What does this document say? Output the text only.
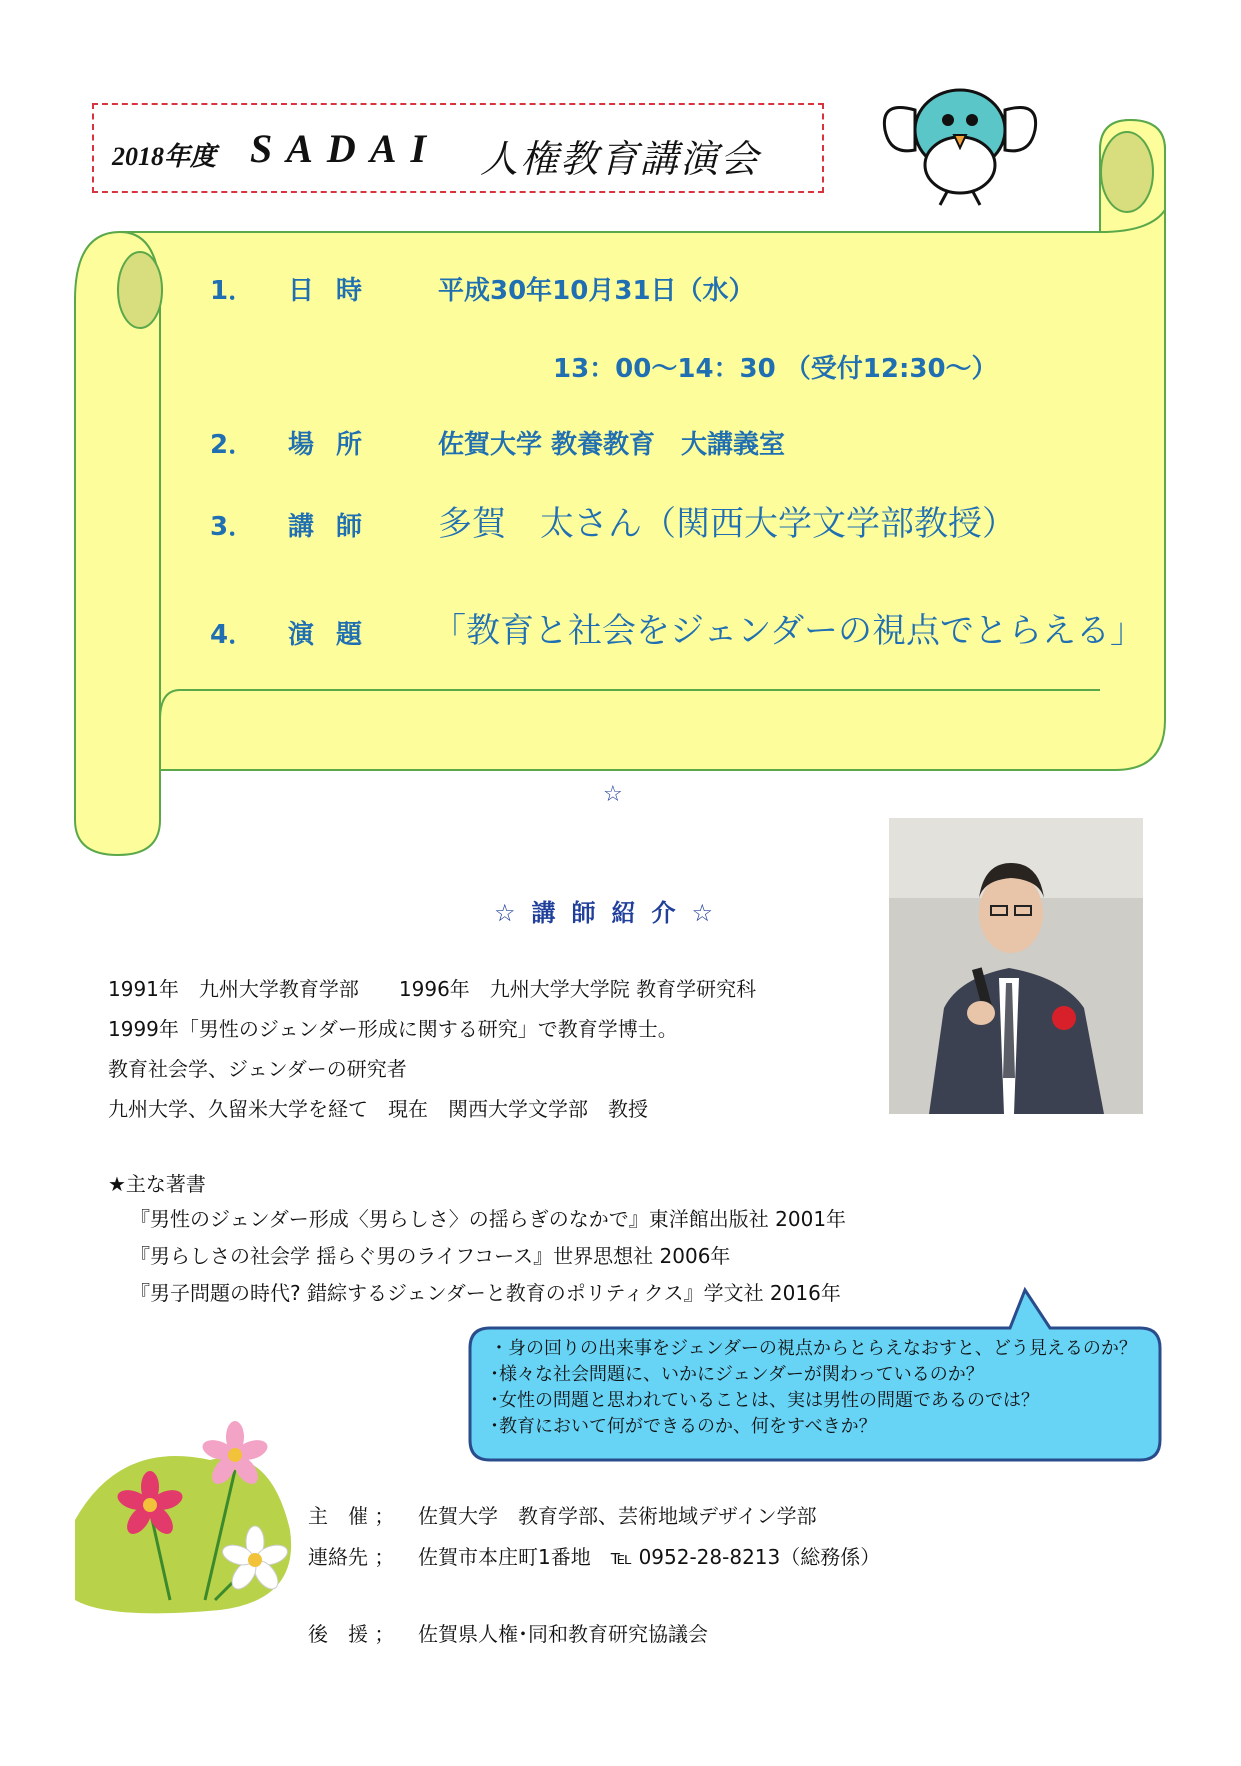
2018年度 SADAI 人権教育講演会
1． 日時 平成30年10月31日（水）
13：00～14：30 （受付12:30～）
2． 場所 佐賀大学 教養教育　大講義室
3． 講師 多賀　太さん（関西大学文学部教授）
4． 演題 「教育と社会をジェンダーの視点でとらえる」
☆
☆講師紹介☆
1991年　九州大学教育学部　　1996年　九州大学大学院 教育学研究科
1999年「男性のジェンダー形成に関する研究」で教育学博士。
教育社会学、ジェンダーの研究者
九州大学、久留米大学を経て　現在　関西大学文学部　教授
★主な著書
『男性のジェンダー形成〈男らしさ〉の揺らぎのなかで』東洋館出版社 2001年
『男らしさの社会学 揺らぐ男のライフコース』世界思想社 2006年
『男子問題の時代? 錯綜するジェンダーと教育のポリティクス』学文社 2016年
・身の回りの出来事をジェンダーの視点からとらえなおすと、どう見えるのか？
･様々な社会問題に、いかにジェンダーが関わっているのか？
･女性の問題と思われていることは、実は男性の問題であるのでは？
･教育において何ができるのか、何をすべきか？
主　催 ； 佐賀大学　教育学部、芸術地域デザイン学部
連絡先 ； 佐賀市本庄町1番地　℡ 0952-28-8213（総務係）
後　援 ； 佐賀県人権･同和教育研究協議会
